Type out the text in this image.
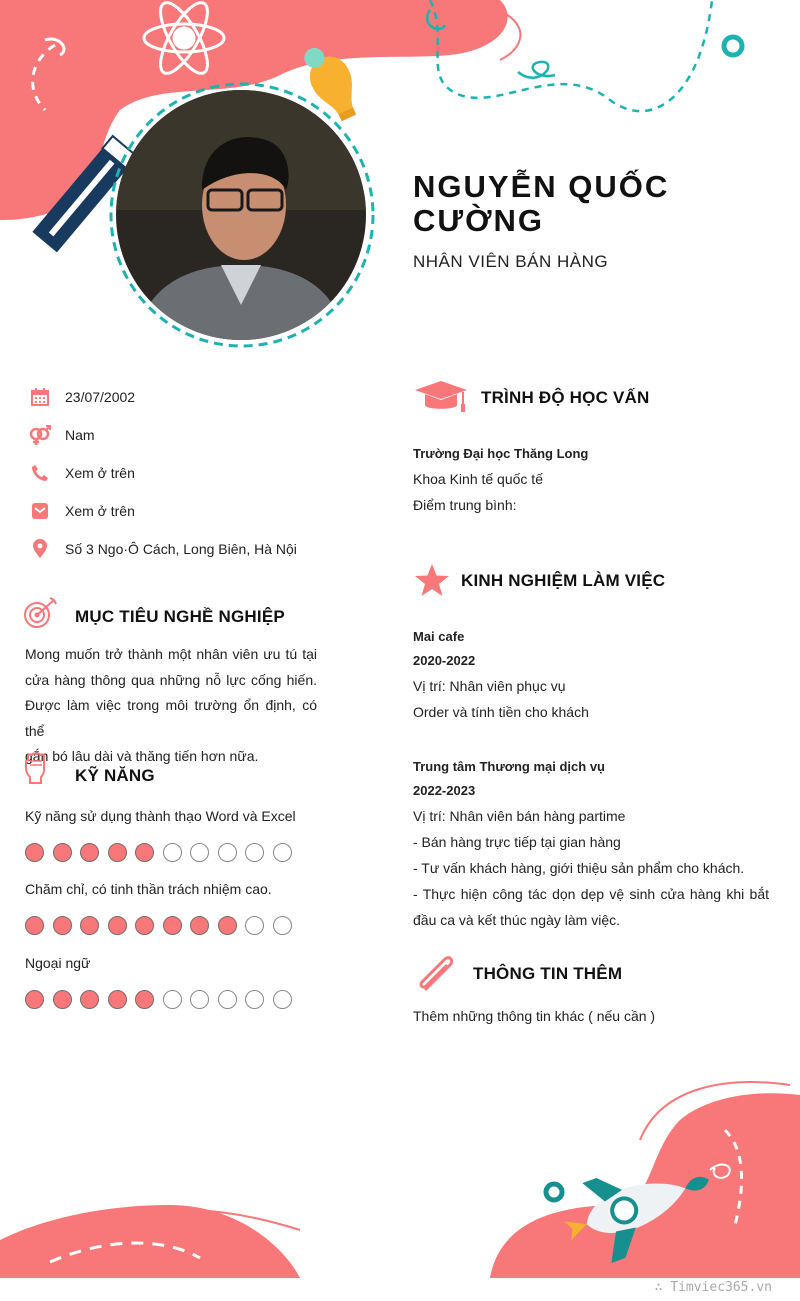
NGUYỄN QUỐC CƯỜNG
NHÂN VIÊN BÁN HÀNG
23/07/2002
Nam
Xem ở trên
Xem ở trên
Số 3 Ngo·Ô Cách, Long Biên, Hà Nội
MỤC TIÊU NGHỀ NGHIỆP
Mong muốn trở thành một nhân viên ưu tú tại
cửa hàng thông qua những nỗ lực cống hiến.
Được làm việc trong môi trường ổn định, có thể
gắn bó lâu dài và thăng tiến hơn nữa.
KỸ NĂNG
Kỹ năng sử dụng thành thạo Word và Excel
Chăm chỉ, có tinh thần trách nhiệm cao.
Ngoại ngữ
TRÌNH ĐỘ HỌC VẤN
Trường Đại học Thăng Long
Khoa Kinh tế quốc tế
Điểm trung bình:
KINH NGHIỆM LÀM VIỆC
Mai cafe
2020-2022
Vị trí: Nhân viên phục vụ
Order và tính tiền cho khách
Trung tâm Thương mại dịch vụ
2022-2023
Vị trí: Nhân viên bán hàng partime
- Bán hàng trực tiếp tại gian hàng
- Tư vấn khách hàng, giới thiệu sản phẩm cho khách.
- Thực hiện công tác dọn dẹp vệ sinh cửa hàng khi bắt
đầu ca và kết thúc ngày làm việc.
THÔNG TIN THÊM
Thêm những thông tin khác ( nếu cần )
∴ Timviec365.vn
